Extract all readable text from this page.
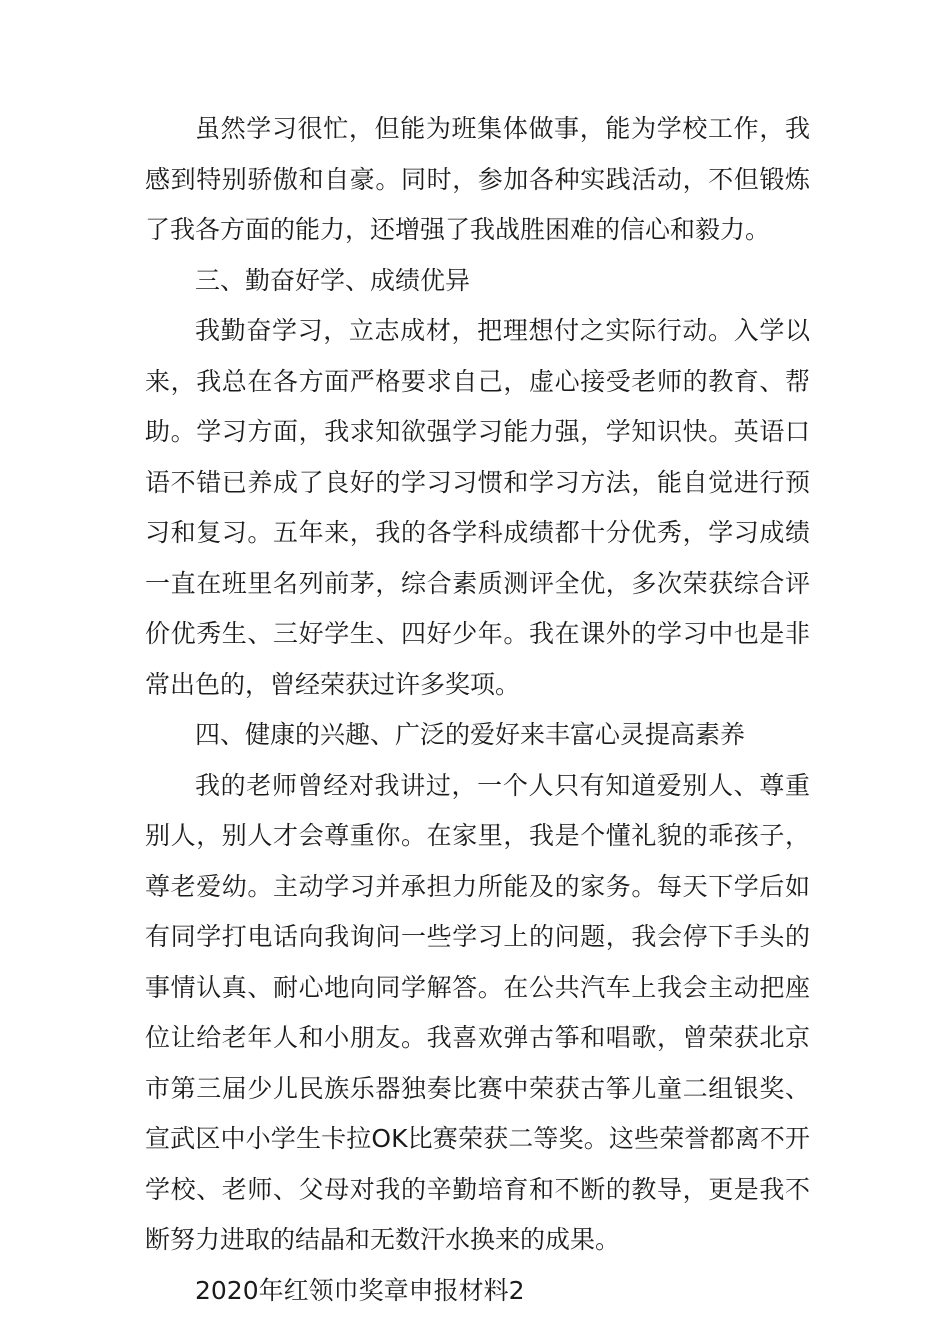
虽然学习很忙，但能为班集体做事，能为学校工作，我感到特别骄傲和自豪。同时，参加各种实践活动，不但锻炼了我各方面的能力，还增强了我战胜困难的信心和毅力。

三、勤奋好学、成绩优异

我勤奋学习，立志成材，把理想付之实际行动。入学以来，我总在各方面严格要求自己，虚心接受老师的教育、帮助。学习方面，我求知欲强学习能力强，学知识快。英语口语不错已养成了良好的学习习惯和学习方法，能自觉进行预习和复习。五年来，我的各学科成绩都十分优秀，学习成绩一直在班里名列前茅，综合素质测评全优，多次荣获综合评价优秀生、三好学生、四好少年。我在课外的学习中也是非常出色的，曾经荣获过许多奖项。

四、健康的兴趣、广泛的爱好来丰富心灵提高素养

我的老师曾经对我讲过，一个人只有知道爱别人、尊重别人，别人才会尊重你。在家里，我是个懂礼貌的乖孩子，尊老爱幼。主动学习并承担力所能及的家务。每天下学后如有同学打电话向我询问一些学习上的问题，我会停下手头的事情认真、耐心地向同学解答。在公共汽车上我会主动把座位让给老年人和小朋友。我喜欢弹古筝和唱歌，曾荣获北京市第三届少儿民族乐器独奏比赛中荣获古筝儿童二组银奖、宣武区中小学生卡拉OK比赛荣获二等奖。这些荣誉都离不开学校、老师、父母对我的辛勤培育和不断的教导，更是我不断努力进取的结晶和无数汗水换来的成果。

2020年红领巾奖章申报材料2
